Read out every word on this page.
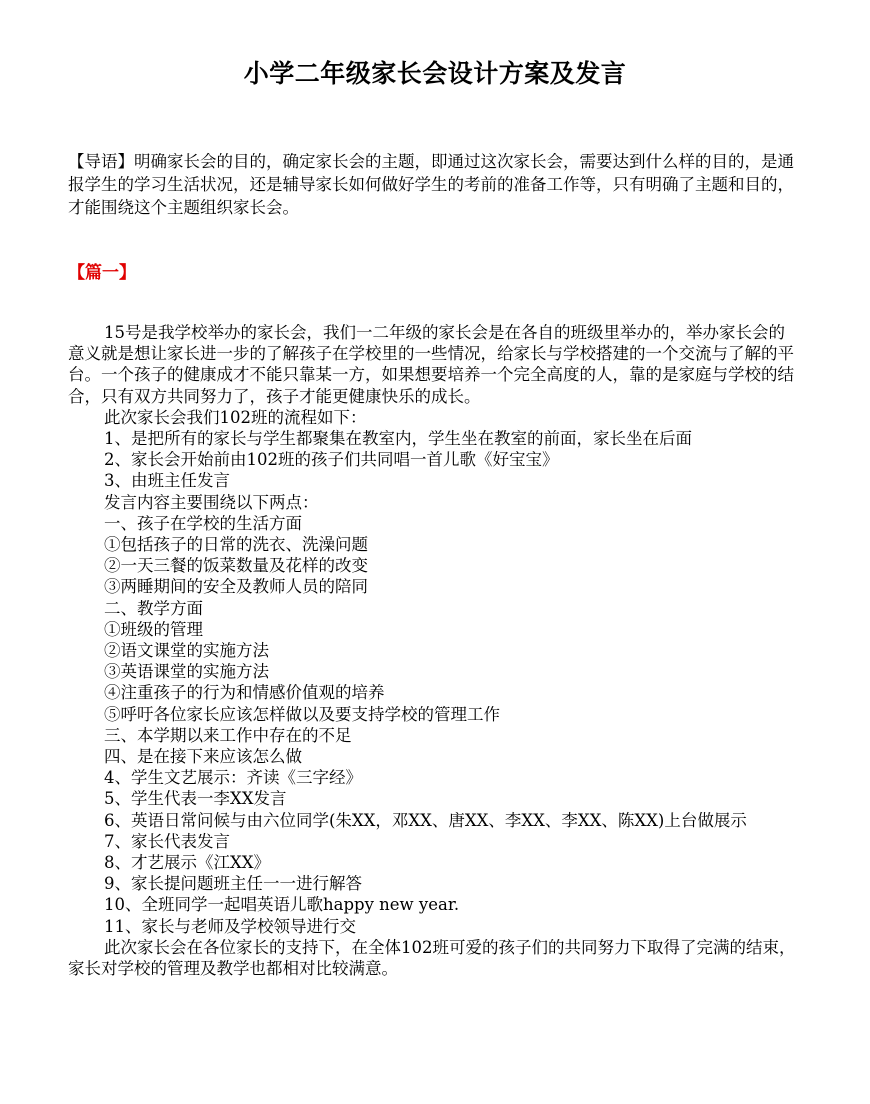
小学二年级家长会设计方案及发言
【导语】明确家长会的目的，确定家长会的主题，即通过这次家长会，需要达到什么样的目的，是通报学生的学习生活状况，还是辅导家长如何做好学生的考前的准备工作等，只有明确了主题和目的，才能围绕这个主题组织家长会。
【篇一】

15号是我学校举办的家长会，我们一二年级的家长会是在各自的班级里举办的，举办家长会的意义就是想让家长进一步的了解孩子在学校里的一些情况，给家长与学校搭建的一个交流与了解的平台。一个孩子的健康成才不能只靠某一方，如果想要培养一个完全高度的人，靠的是家庭与学校的结合，只有双方共同努力了，孩子才能更健康快乐的成长。

此次家长会我们102班的流程如下：

1、是把所有的家长与学生都聚集在教室内，学生坐在教室的前面，家长坐在后面

2、家长会开始前由102班的孩子们共同唱一首儿歌《好宝宝》

3、由班主任发言

发言内容主要围绕以下两点：

一、孩子在学校的生活方面

①包括孩子的日常的洗衣、洗澡问题

②一天三餐的饭菜数量及花样的改变

③两睡期间的安全及教师人员的陪同

二、教学方面

①班级的管理

②语文课堂的实施方法

③英语课堂的实施方法

④注重孩子的行为和情感价值观的培养

⑤呼吁各位家长应该怎样做以及要支持学校的管理工作

三、本学期以来工作中存在的不足

四、是在接下来应该怎么做

4、学生文艺展示：齐读《三字经》

5、学生代表一李XX发言

6、英语日常问候与由六位同学(朱XX，邓XX、唐XX、李XX、李XX、陈XX)上台做展示

7、家长代表发言

8、才艺展示《江XX》

9、家长提问题班主任一一进行解答

10、全班同学一起唱英语儿歌happy new year.

11、家长与老师及学校领导进行交

此次家长会在各位家长的支持下，在全体102班可爱的孩子们的共同努力下取得了完满的结束，家长对学校的管理及教学也都相对比较满意。
